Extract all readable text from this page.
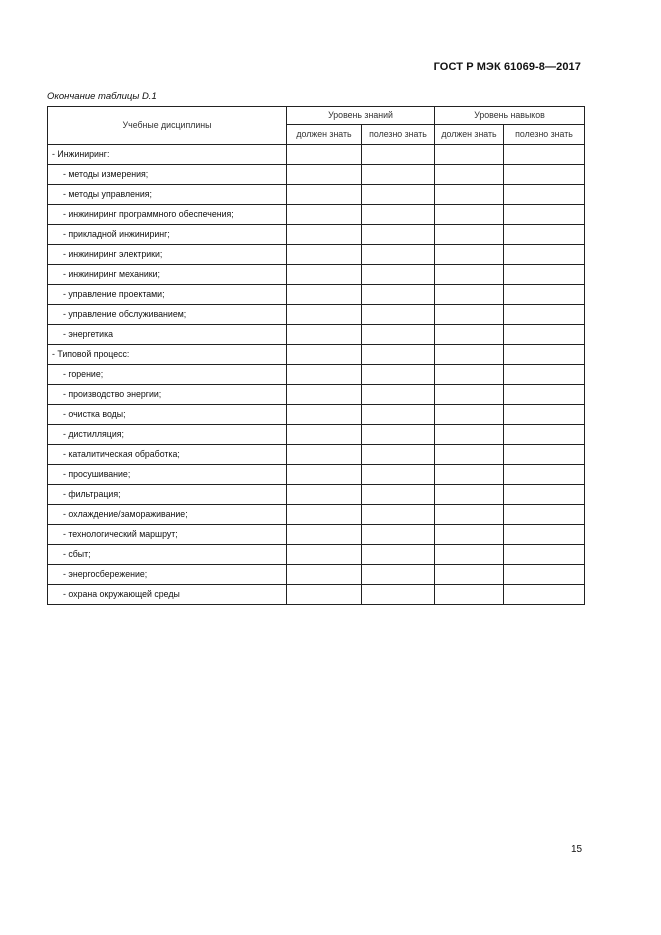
ГОСТ Р МЭК 61069-8—2017
Окончание таблицы D.1
Учебные дисциплины	Уровень знаний		Уровень навыков	
	должен знать	полезно знать	должен знать	полезно знать
- Инжиниринг:				
- методы измерения;				
- методы управления;				
- инжиниринг программного обеспечения;				
- прикладной инжиниринг;				
- инжиниринг электрики;				
- инжиниринг механики;				
- управление проектами;				
- управление обслуживанием;				
- энергетика				
- Типовой процесс:				
- горение;				
- производство энергии;				
- очистка воды;				
- дистилляция;				
- каталитическая обработка;				
- просушивание;				
- фильтрация;				
- охлаждение/замораживание;				
- технологический маршрут;				
- сбыт;				
- энергосбережение;				
- охрана окружающей среды				
15
